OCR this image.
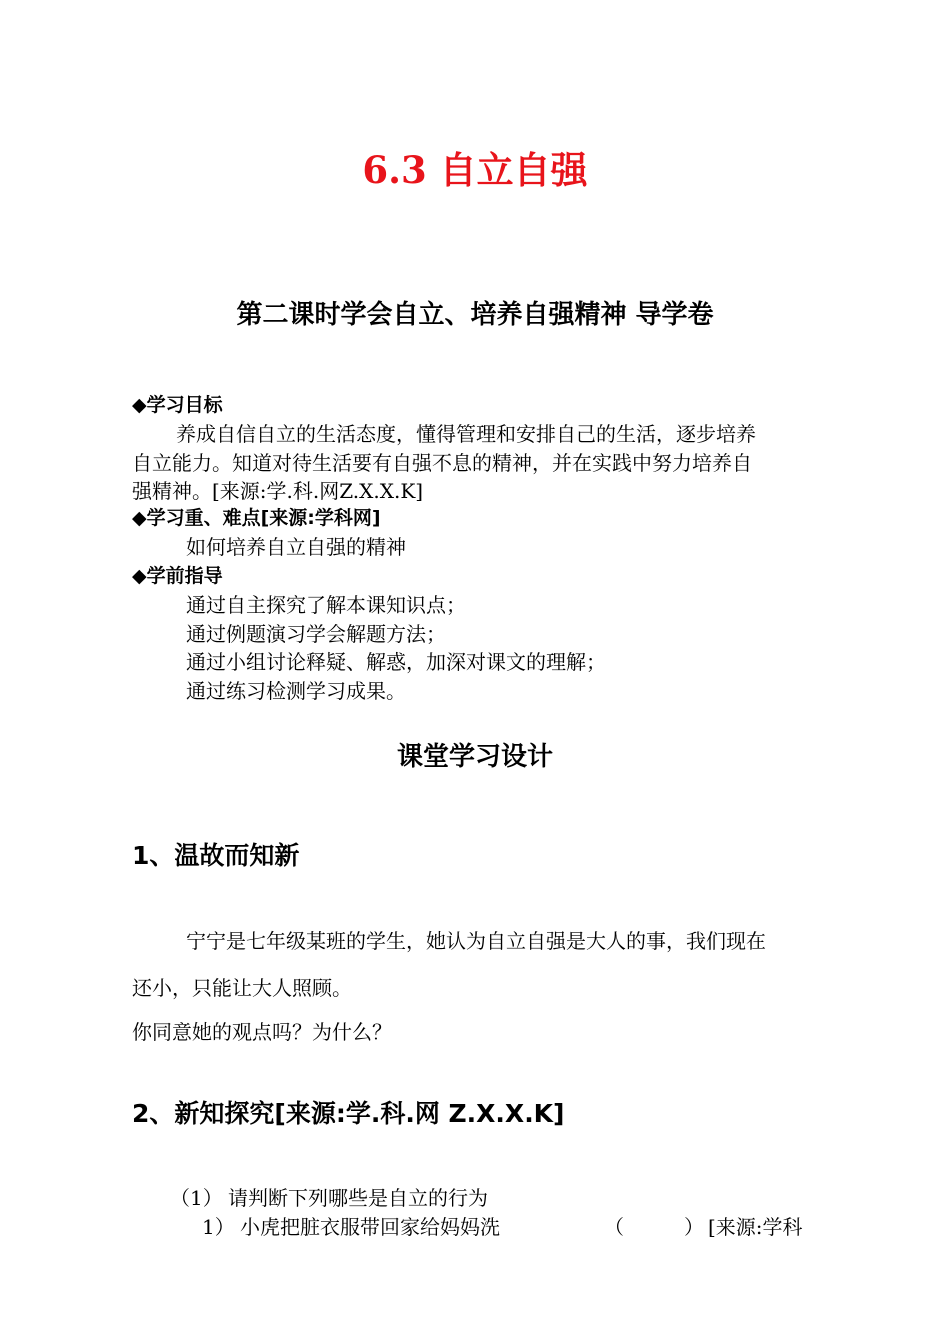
6.3 自立自强
第二课时学会自立、培养自强精神 导学卷
◆学习目标
养成自信自立的生活态度，懂得管理和安排自己的生活，逐步培养
自立能力。知道对待生活要有自强不息的精神，并在实践中努力培养自
强精神。[来源:学.科.网Z.X.X.K]
◆学习重、难点[来源:学科网]
如何培养自立自强的精神
◆学前指导
通过自主探究了解本课知识点；
通过例题演习学会解题方法；
通过小组讨论释疑、解惑，加深对课文的理解；
通过练习检测学习成果。
课堂学习设计
1、温故而知新
宁宁是七年级某班的学生，她认为自立自强是大人的事，我们现在
还小，只能让大人照顾。
你同意她的观点吗？为什么？
2、新知探究[来源:学.科.网 Z.X.X.K]
（1） 请判断下列哪些是自立的行为
1） 小虎把脏衣服带回家给妈妈洗	（	） [来源:学科
